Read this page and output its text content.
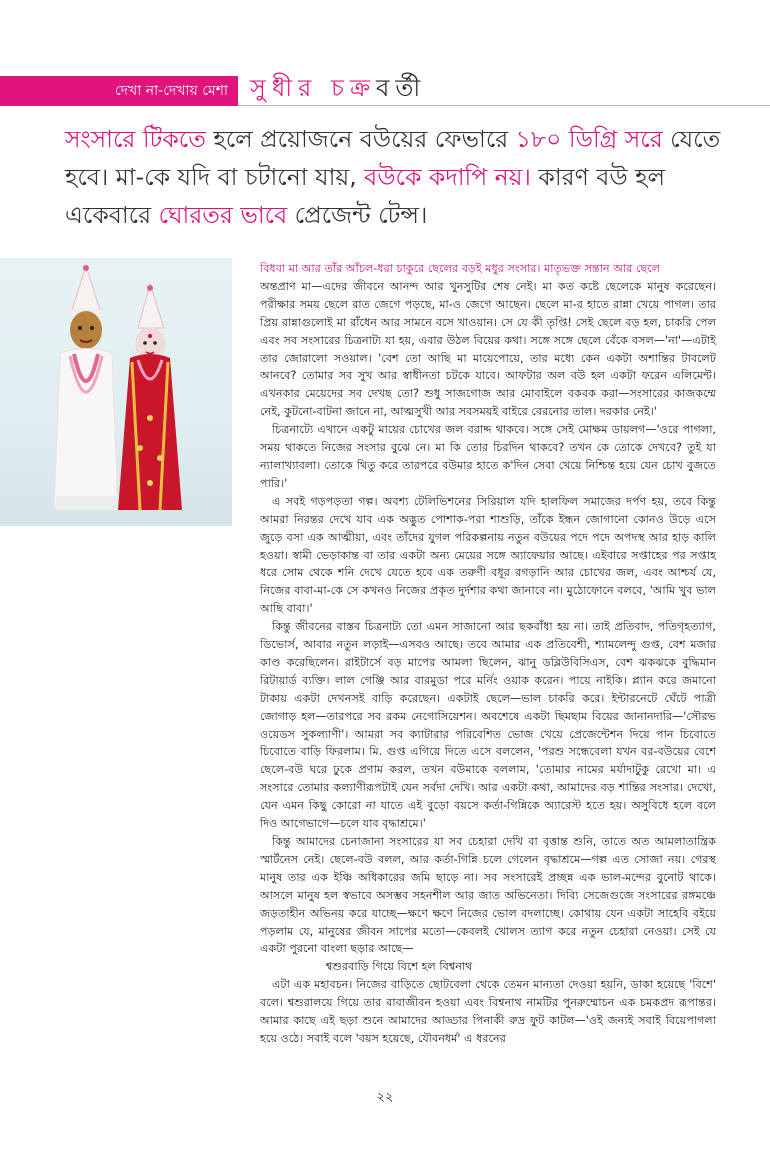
দেখা না-দেখায় মেশা সুধীর চক্রবর্তী
সংসারে টিকতে হলে প্রয়োজনে বউয়ের ফেভারে ১৮০ ডিগ্রি সরে যেতে হবে। মা-কে যদি বা চটানো যায়, বউকে কদাপি নয়। কারণ বউ হল একেবারে ঘোরতর ভাবে প্রেজেন্ট টেন্স।

বিধবা মা আর তাঁর আঁচল-ধরা চাকুরে ছেলের বড়ই মধুর সংসার। মাতৃভক্ত সন্তান আর ছেলে

অন্তপ্রাণ মা—এদের জীবনে আনন্দ আর খুনসুটির শেষ নেই। মা কত কষ্টে ছেলেকে মানুষ করেছেন। পরীক্ষার সময় ছেলে রাত জেগে পড়ছে, মা-ও জেগে আছেন। ছেলে মা-র হাতে রান্না খেয়ে পাগল। তার প্রিয় রান্নাগুলোই মা রাঁধেন আর সামনে বসে খাওয়ান। সে যে কী তৃপ্তি! সেই ছেলে বড় হল, চাকরি পেল এবং সব সংসারের চিত্রনাট্য যা হয়, এবার উঠল বিয়ের কথা। সঙ্গে সঙ্গে ছেলে বেঁকে বসল—'না'—এটাই তার জোরালো সওয়াল। 'বেশ তো আছি মা মায়েপোয়ে, তার মধ্যে কেন একটা অশান্তির টাবলেট আনবে? তোমার সব সুখ আর স্বাধীনতা চটকে যাবে। আফটার অল বউ হল একটা ফরেন এলিমেন্ট। এখনকার মেয়েদের সব দেখছ তো? শুধু সাজগোজ আর মোবাইলে বকবক করা—সংসারের কাজকম্মে নেই, কুটনো-বাটনা জানে না, আত্মসুখী আর সবসময়ই বাইরে বেরনোর তাল। দরকার নেই।'

চিত্রনাট্যে এখানে একটু মায়ের চোখের জল বরাদ্দ থাকবে। সঙ্গে সেই মোক্ষম ডায়লগ—'ওরে পাগলা, সময় থাকতে নিজের সংসার বুঝে নে। মা কি তোর চিরদিন থাকবে? তখন কে তোকে দেখবে? তুই যা ন্যালাখ্যাবলা। তোকে থিতু করে তারপরে বউমার হাতে ক'দিন সেবা খেয়ে নিশ্চিন্ত হয়ে যেন চোখ বুজতে পারি।'

এ সবই গড়পড়তা গল্প। অবশ্য টেলিভিশনের সিরিয়াল যদি হালফিল সমাজের দর্পণ হয়, তবে কিন্তু আমরা নিরন্তর দেখে যাব এক অদ্ভুত পোশাক-পরা শাশুড়ি, তাঁকে ইন্ধন জোগানো কোনও উড়ে এসে জুড়ে বসা এক আত্মীয়া, এবং তাঁদের যুগল পরিকল্পনায় নতুন বউয়ের পদে পদে অপদস্থ আর হাড় কালি হওয়া। স্বামী ভেড়াকান্ত বা তার একটা অন্য মেয়ের সঙ্গে অ্যাফেয়ার আছে। এইবারে সপ্তাহের পর সপ্তাহ ধরে সোম থেকে শনি দেখে যেতে হবে এক তরুণী বধূর রগড়ানি আর চোখের জল, এবং আশ্চর্য যে, নিজের বাবা-মা-কে সে কখনও নিজের প্রকৃত দুর্দশার কথা জানাবে না। মুঠোফোনে বলবে, 'আমি খুব ভাল আছি বাবা।'

কিন্তু জীবনের বাস্তব চিত্রনাট্য তো এমন সাজানো আর ছকবাঁধা হয় না। তাই প্রতিবাদ, পতিগৃহত্যাগ, ডিভোর্স, আবার নতুন লড়াই—এসবও আছে। তবে আমার এক প্রতিবেশী, শ্যামলেন্দু গুপ্ত, বেশ মজার কাণ্ড করেছিলেন। রাইটার্সে বড় মাপের আমলা ছিলেন, ঝানু ডব্লিউবিসিএস, বেশ ঝকঝকে বুদ্ধিমান রিটায়ার্ড ব্যক্তি। লাল গেঞ্জি আর বারমুডা পরে মর্নিং ওয়াক করেন। পায়ে নাইকি। প্ল্যান করে জমানো টাকায় একটা দেখনসই বাড়ি করেছেন। একটাই ছেলে—ভাল চাকরি করে। ইন্টারনেটে ঘেঁটে পাত্রী জোগাড় হল—তারপরে সব রকম নেগোসিয়েশন। অবশেষে একটা ছিমছাম বিয়ের জানানদারি—'সৌরভ ওয়েডস সুকল্যাণী'। আমরা সব ক্যাটারার পরিবেশিত ভোজ খেয়ে প্রেজেন্টেশন দিয়ে পান চিবোতে চিবোতে বাড়ি ফিরলাম। মি. গুপ্ত এগিয়ে দিতে এসে বললেন, 'পরশু সন্ধেবেলা যখন বর-বউয়ের বেশে ছেলে-বউ ঘরে ঢুকে প্রণাম করল, তখন বউমাকে বললাম, 'তোমার নামের মর্যাদাটুকু রেখো মা। এ সংসারে তোমার কল্যাণীরূপটাই যেন সর্বদা দেখি। আর একটা কথা, আমাদের বড় শান্তির সংসার। দেখো, যেন এমন কিছু কোরো না যাতে এই বুড়ো বয়সে কর্তা-গিন্নিকে অ্যারেস্ট হতে হয়। অসুবিধে হলে বলে দিও আগেভাগে—চলে যাব বৃদ্ধাশ্রমে।'

কিন্তু আমাদের চেনাজানা সংসারের যা সব চেহারা দেখি বা বৃত্তান্ত শুনি, তাতে অত আমলাতান্ত্রিক স্মার্টনেস নেই। ছেলে-বউ বলল, আর কর্তা-গিন্নি চলে গেলেন বৃদ্ধাশ্রমে—গল্প এত সোজা নয়। গেরস্থ মানুষ তার এক ইঞ্চি অধিকারের জমি ছাড়ে না। সব সংসারেই প্রচ্ছন্ন এক ভাল-মন্দের বুনোট থাকে। আসলে মানুষ হল স্বভাবে অসম্ভব সহনশীল আর জাত অভিনেতা। দিব্যি সেজেগুজে সংসারের রঙ্গমঞ্চে জড়তাহীন অভিনয় করে যাচ্ছে—ক্ষণে ক্ষণে নিজের ভোল বদলাচ্ছে। কোথায় যেন একটা সাহেবি বইয়ে পড়লাম যে, মানুষের জীবন সাপের মতো—কেবলই খোলস ত্যাগ করে নতুন চেহারা নেওয়া। সেই যে একটা পুরনো বাংলা ছড়ার আছে—

শ্বশুরবাড়ি গিয়ে বিশে হল বিশ্বনাথ

এটা এক মহাবচন। নিজের বাড়িতে ছোটবেলা থেকে তেমন মান্যতা দেওয়া হয়নি, ডাকা হয়েছে 'বিশে' বলে। শ্বশুরালয়ে গিয়ে তার বাবাজীবন হওয়া এবং বিশ্বনাথ নামটির পুনরুম্মোচন এক চমকপ্রদ রূপান্তর। আমার কাছে এই ছড়া শুনে আমাদের আড্ডার পিনাকী রুদ্র ফুট কাটল—'ওই জন্যই সবাই বিয়েপাগলা হয়ে ওঠে। সবাই বলে 'বয়স হয়েছে, যৌবনধর্ম' এ ধরনের

২২
